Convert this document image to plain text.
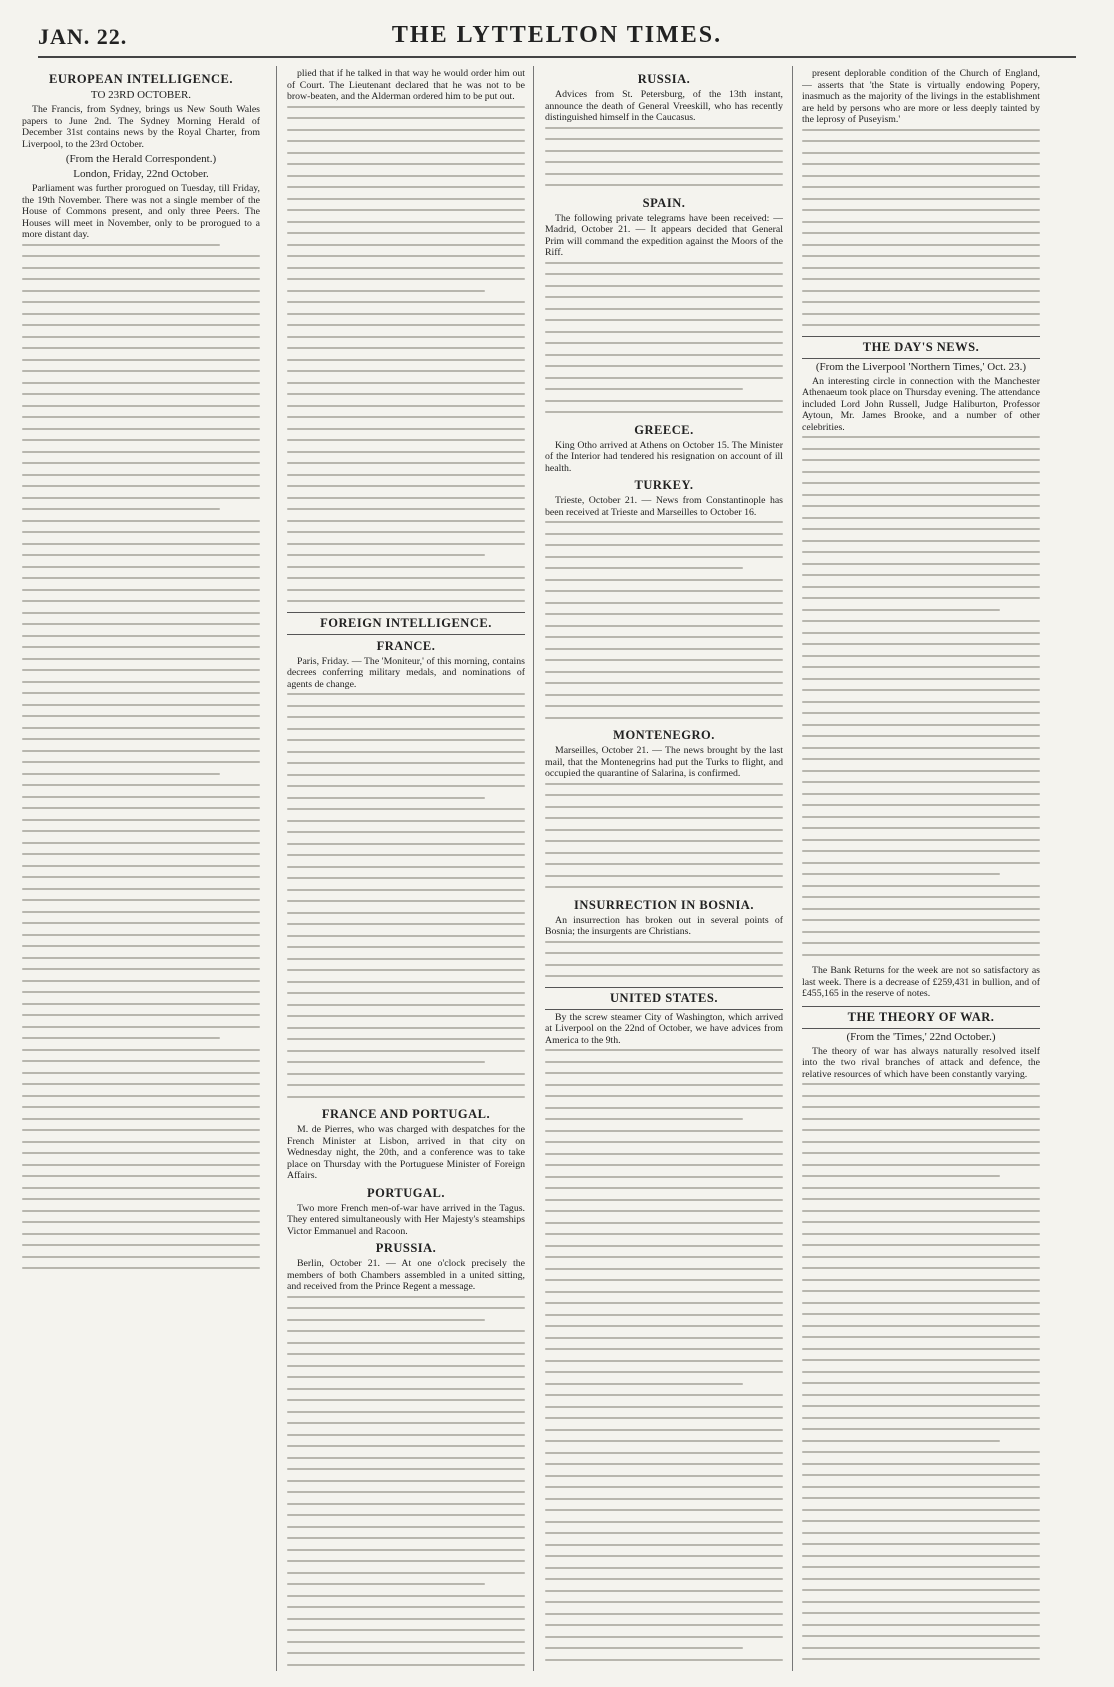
JAN. 22.	THE LYTTELTON TIMES.
EUROPEAN INTELLIGENCE.
TO 23RD OCTOBER.

The Francis, from Sydney, brings us New South Wales papers to June 2nd. The Sydney Morning Herald of December 31st contains news by the Royal Charter, from Liverpool, to the 23rd October.

(From the Herald Correspondent.)
London, Friday, 22nd October.

Parliament was further prorogued on Tuesday, till Friday, the 19th November. There was not a single member of the House of Commons present, and only three Peers. The Houses will meet in November, only to be prorogued to a more distant day.

plied that if he talked in that way he would order him out of Court. The Lieutenant declared that he was not to be brow-beaten, and the Alderman ordered him to be put out.

FOREIGN INTELLIGENCE.
FRANCE.

Paris, Friday. — The 'Moniteur,' of this morning, contains decrees conferring military medals, and nominations of agents de change.

FRANCE AND PORTUGAL.

M. de Pierres, who was charged with despatches for the French Minister at Lisbon, arrived in that city on Wednesday night, the 20th, and a conference was to take place on Thursday with the Portuguese Minister of Foreign Affairs.

PORTUGAL.

Two more French men-of-war have arrived in the Tagus. They entered simultaneously with Her Majesty's steamships Victor Emmanuel and Racoon.

PRUSSIA.

Berlin, October 21. — At one o'clock precisely the members of both Chambers assembled in a united sitting, and received from the Prince Regent a message.

RUSSIA.

Advices from St. Petersburg, of the 13th instant, announce the death of General Vreeskill, who has recently distinguished himself in the Caucasus.

SPAIN.

The following private telegrams have been received: — Madrid, October 21. — It appears decided that General Prim will command the expedition against the Moors of the Riff.

GREECE.

King Otho arrived at Athens on October 15. The Minister of the Interior had tendered his resignation on account of ill health.

TURKEY.

Trieste, October 21. — News from Constantinople has been received at Trieste and Marseilles to October 16.

MONTENEGRO.

Marseilles, October 21. — The news brought by the last mail, that the Montenegrins had put the Turks to flight, and occupied the quarantine of Salarina, is confirmed.

INSURRECTION IN BOSNIA.

An insurrection has broken out in several points of Bosnia; the insurgents are Christians.

UNITED STATES.

By the screw steamer City of Washington, which arrived at Liverpool on the 22nd of October, we have advices from America to the 9th.

present deplorable condition of the Church of England, — asserts that 'the State is virtually endowing Popery, inasmuch as the majority of the livings in the establishment are held by persons who are more or less deeply tainted by the leprosy of Puseyism.'

THE DAY'S NEWS.
(From the Liverpool 'Northern Times,' Oct. 23.)

An interesting circle in connection with the Manchester Athenaeum took place on Thursday evening. The attendance included Lord John Russell, Judge Haliburton, Professor Aytoun, Mr. James Brooke, and a number of other celebrities.

The Bank Returns for the week are not so satisfactory as last week. There is a decrease of £259,431 in bullion, and of £455,165 in the reserve of notes.

THE THEORY OF WAR.
(From the 'Times,' 22nd October.)

The theory of war has always naturally resolved itself into the two rival branches of attack and defence, the relative resources of which have been constantly varying.
